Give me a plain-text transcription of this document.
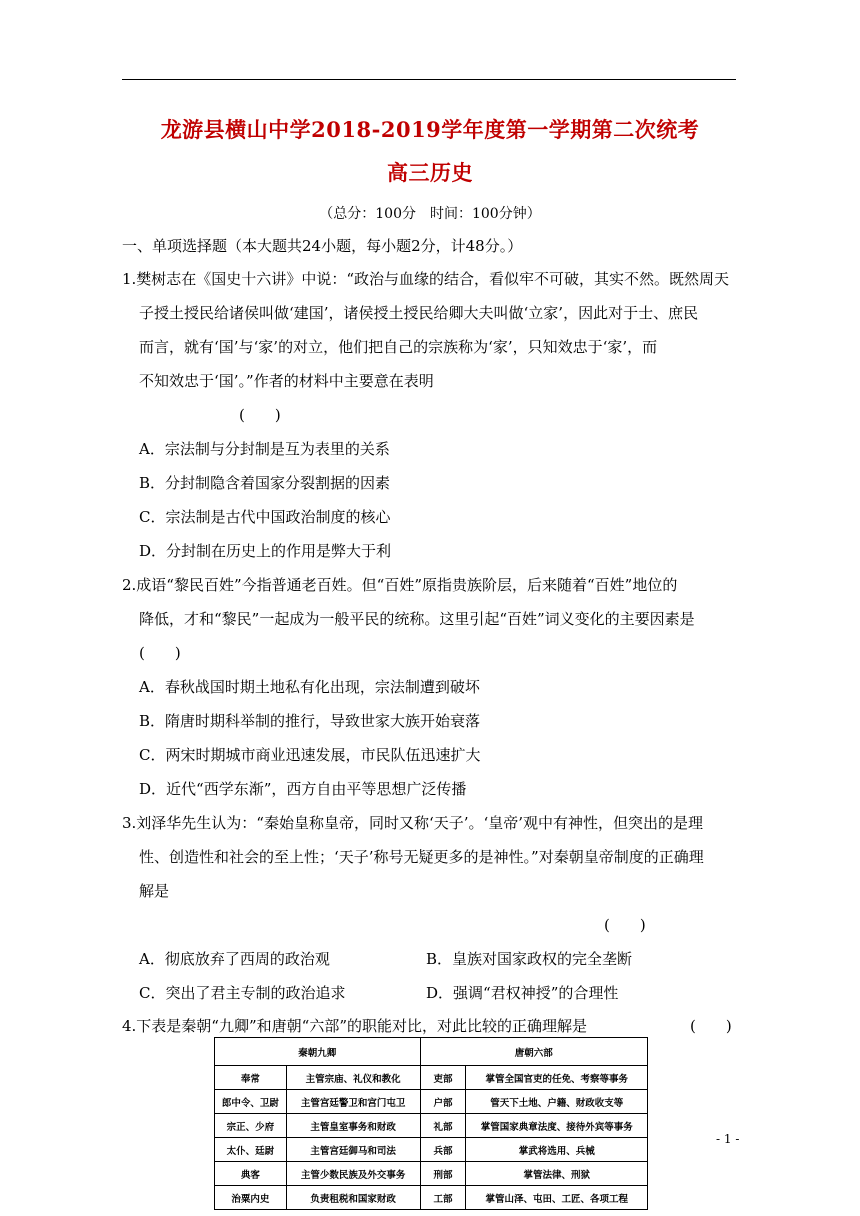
龙游县横山中学2018-2019学年度第一学期第二次统考
高三历史
（总分：100分　时间：100分钟）
一、单项选择题（本大题共24小题，每小题2分，计48分。）
1.樊树志在《国史十六讲》中说：“政治与血缘的结合，看似牢不可破，其实不然。既然周天
子授土授民给诸侯叫做‘建国’，诸侯授土授民给卿大夫叫做‘立家’，因此对于士、庶民
而言，就有‘国’与‘家’的对立，他们把自己的宗族称为‘家’，只知效忠于‘家’，而
不知效忠于‘国’。”作者的材料中主要意在表明
(　　)
A．宗法制与分封制是互为表里的关系
B．分封制隐含着国家分裂割据的因素
C．宗法制是古代中国政治制度的核心
D．分封制在历史上的作用是弊大于利
2.成语“黎民百姓”今指普通老百姓。但“百姓”原指贵族阶层，后来随着“百姓”地位的
降低，才和“黎民”一起成为一般平民的统称。这里引起“百姓”词义变化的主要因素是
(　　)
A．春秋战国时期土地私有化出现，宗法制遭到破坏
B．隋唐时期科举制的推行，导致世家大族开始衰落
C．两宋时期城市商业迅速发展，市民队伍迅速扩大
D．近代“西学东渐”，西方自由平等思想广泛传播
3.刘泽华先生认为：“秦始皇称皇帝，同时又称‘天子’。‘皇帝’观中有神性，但突出的是理
性、创造性和社会的至上性；‘天子’称号无疑更多的是神性。”对秦朝皇帝制度的正确理
解是
(　　)
A．彻底放弃了西周的政治观	B．皇族对国家政权的完全垄断
C．突出了君主专制的政治追求	D．强调“君权神授”的合理性
4.下表是秦朝“九卿”和唐朝“六部”的职能对比，对此比较的正确理解是	(　　)
秦朝九卿		唐朝六部	
奉常	主管宗庙、礼仪和教化	吏部	掌管全国官吏的任免、考察等事务
郎中令、卫尉	主管宫廷警卫和宫门屯卫	户部	管天下土地、户籍、财政收支等
宗正、少府	主管皇室事务和财政	礼部	掌管国家典章法度、接待外宾等事务
太仆、廷尉	主管宫廷御马和司法	兵部	掌武将选用、兵械
典客	主管少数民族及外交事务	刑部	掌管法律、刑狱
治粟内史	负责租税和国家财政	工部	掌管山泽、屯田、工匠、各项工程
- 1 -
